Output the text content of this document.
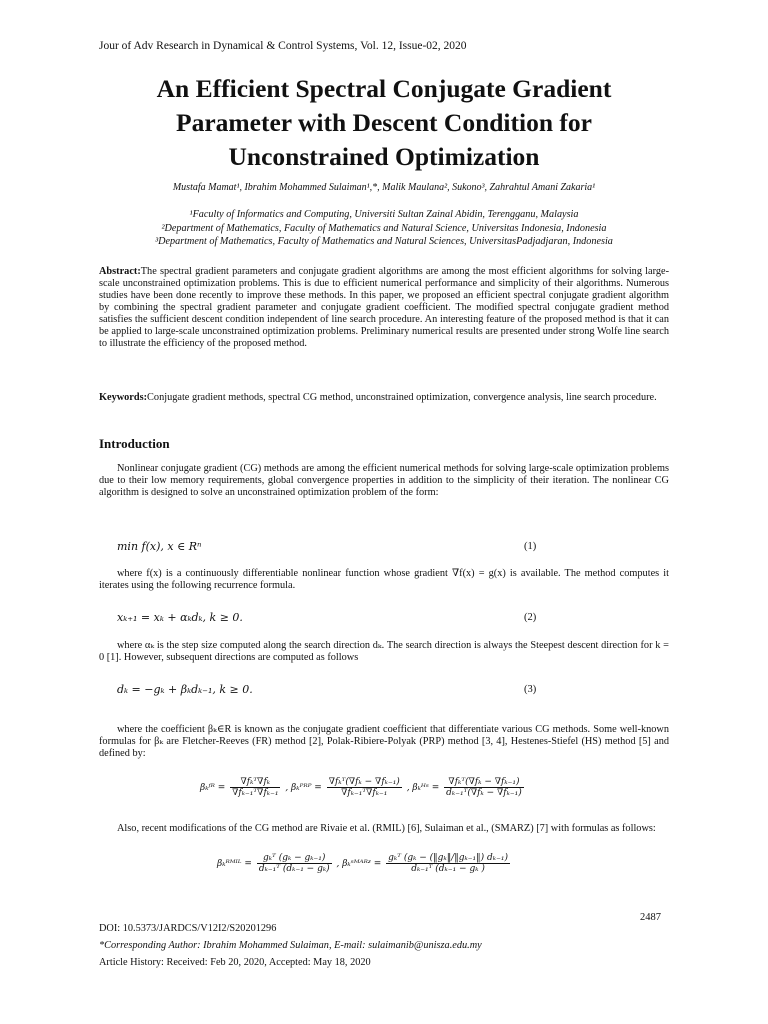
Jour of Adv Research in Dynamical & Control Systems, Vol. 12, Issue-02, 2020
An Efficient Spectral Conjugate Gradient
Parameter with Descent Condition for
Unconstrained Optimization
Mustafa Mamat¹, Ibrahim Mohammed Sulaiman¹,*, Malik Maulana², Sukono³, Zahrahtul Amani Zakaria¹
¹Faculty of Informatics and Computing, Universiti Sultan Zainal Abidin, Terengganu, Malaysia
²Department of Mathematics, Faculty of Mathematics and Natural Science, Universitas Indonesia, Indonesia
³Department of Mathematics, Faculty of Mathematics and Natural Sciences, UniversitasPadjadjaran, Indonesia
Abstract:The spectral gradient parameters and conjugate gradient algorithms are among the most efficient algorithms for solving large-scale unconstrained optimization problems. This is due to efficient numerical performance and simplicity of their algorithms. Numerous studies have been done recently to improve these methods. In this paper, we proposed an efficient spectral conjugate gradient algorithm by combining the spectral gradient parameter and conjugate gradient coefficient. The modified spectral conjugate gradient method satisfies the sufficient descent condition independent of line search procedure. An interesting feature of the proposed method is that it can be applied to large-scale unconstrained optimization problems. Preliminary numerical results are presented under strong Wolfe line search to illustrate the efficiency of the proposed method.
Keywords:Conjugate gradient methods, spectral CG method, unconstrained optimization, convergence analysis, line search procedure.
Introduction
Nonlinear conjugate gradient (CG) methods are among the efficient numerical methods for solving large-scale optimization problems due to their low memory requirements, global convergence properties in addition to the simplicity of their iteration. The nonlinear CG algorithm is designed to solve an unconstrained optimization problem of the form:
min f(x), x ∈ Rⁿ	(1)
where f(x) is a continuously differentiable nonlinear function whose gradient ∇f(x) = g(x) is available. The method computes it iterates using the following recurrence formula.
xₖ₊₁ = xₖ + αₖdₖ, k ≥ 0.	(2)
where αₖ is the step size computed along the search direction dₖ. The search direction is always the Steepest descent direction for k = 0 [1]. However, subsequent directions are computed as follows
dₖ = −gₖ + βₖdₖ₋₁, k ≥ 0.	(3)
where the coefficient βₖ∈R is known as the conjugate gradient coefficient that differentiate various CG methods. Some well-known formulas for βₖ are Fletcher-Reeves (FR) method [2], Polak-Ribiere-Polyak (PRP) method [3, 4], Hestenes-Stiefel (HS) method [5] and defined by:
βₖᶠᴿ = $\frac{\text{∇fₖᵀ∇fₖ}}{\text{∇fₖ₋₁ᵀ∇fₖ₋₁}}$ , βₖᴾᴿᴾ = $\frac{\text{∇fₖᵀ(∇fₖ − ∇fₖ₋₁)}}{\text{∇fₖ₋₁ᵀ∇fₖ₋₁}}$ , βₖᴴˢ = $\frac{\text{∇fₖᵀ(∇fₖ − ∇fₖ₋₁)}}{\text{dₖ₋₁ᵀ(∇fₖ − ∇fₖ₋₁)}}$
Also, recent modifications of the CG method are Rivaie et al. (RMIL) [6], Sulaiman et al., (SMARZ) [7] with formulas as follows:
βₖᴿᴹᴵᴸ = $\frac{\text{gₖᵀ (gₖ − gₖ₋₁)}}{\text{dₖ₋₁ᵀ (dₖ₋₁ − gₖ)}}$ , βₖˢᴹᴬᴿᶻ = $\frac{\text{gₖᵀ (gₖ − (‖gₖ‖/‖gₖ₋₁‖) dₖ₋₁)}}{\text{dₖ₋₁ᵀ (dₖ₋₁ − gₖ )}}$
2487
DOI: 10.5373/JARDCS/V12I2/S20201296
*Corresponding Author: Ibrahim Mohammed Sulaiman, E-mail: sulaimanib@unisza.edu.my
Article History: Received: Feb 20, 2020, Accepted: May 18, 2020
